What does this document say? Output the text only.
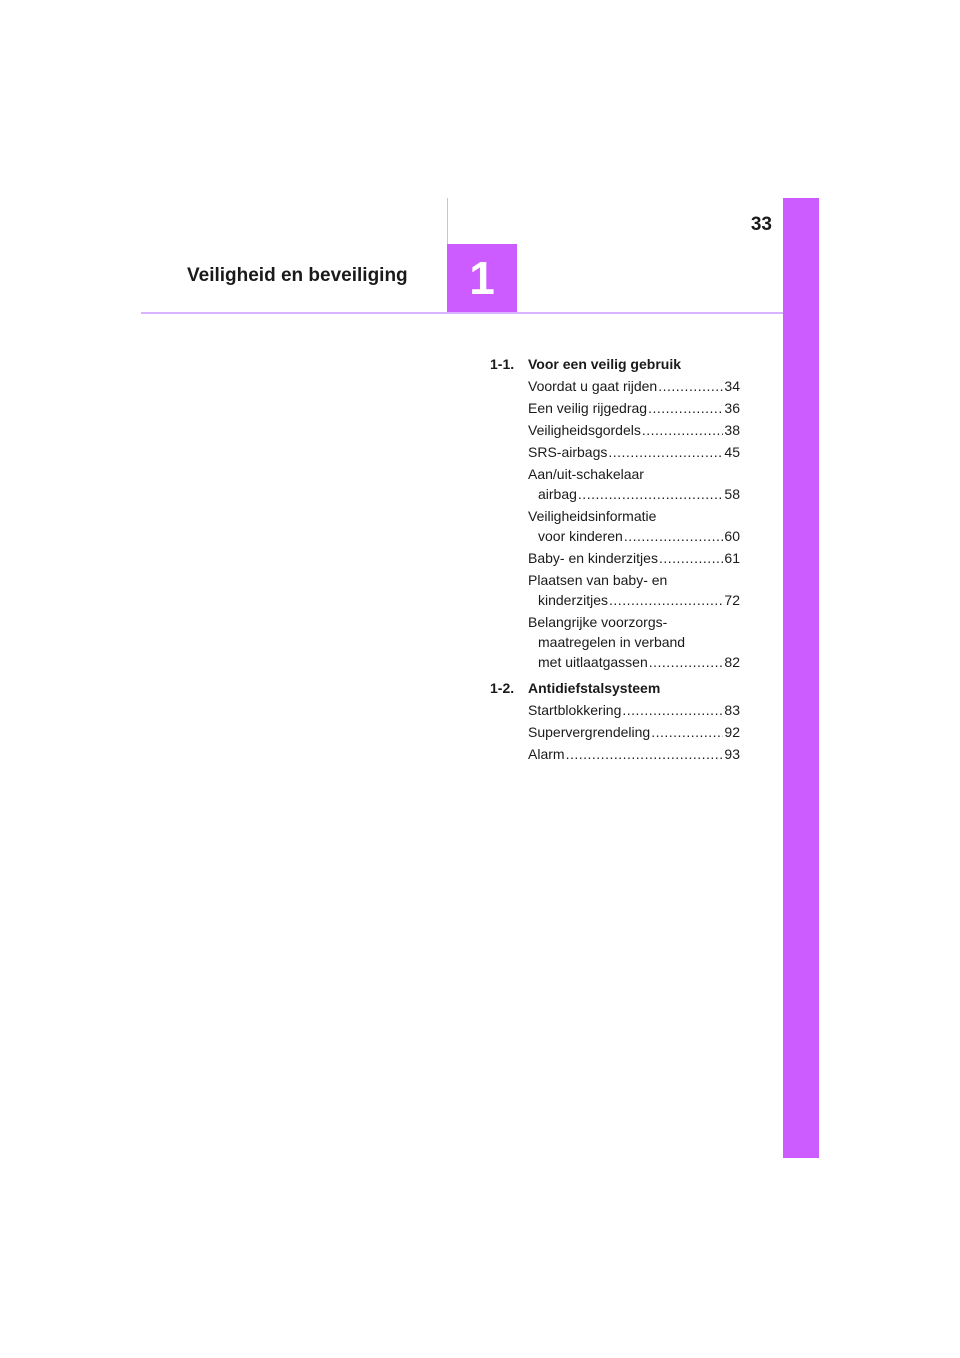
33
1
Veiligheid en beveiliging
1-1. Voor een veilig gebruik
Voordat u gaat rijden .....	34
Een veilig rijgedrag .....	36
Veiligheidsgordels .....	38
SRS-airbags .....	45
Aan/uit-schakelaar
airbag .....	58
Veiligheidsinformatie
voor kinderen .....	60
Baby- en kinderzitjes .....	61
Plaatsen van baby- en
kinderzitjes .....	72
Belangrijke voorzorgs-
maatregelen in verband
met uitlaatgassen .....	82
1-2. Antidiefstalsysteem
Startblokkering .....	83
Supervergrendeling .....	92
Alarm .....	93
